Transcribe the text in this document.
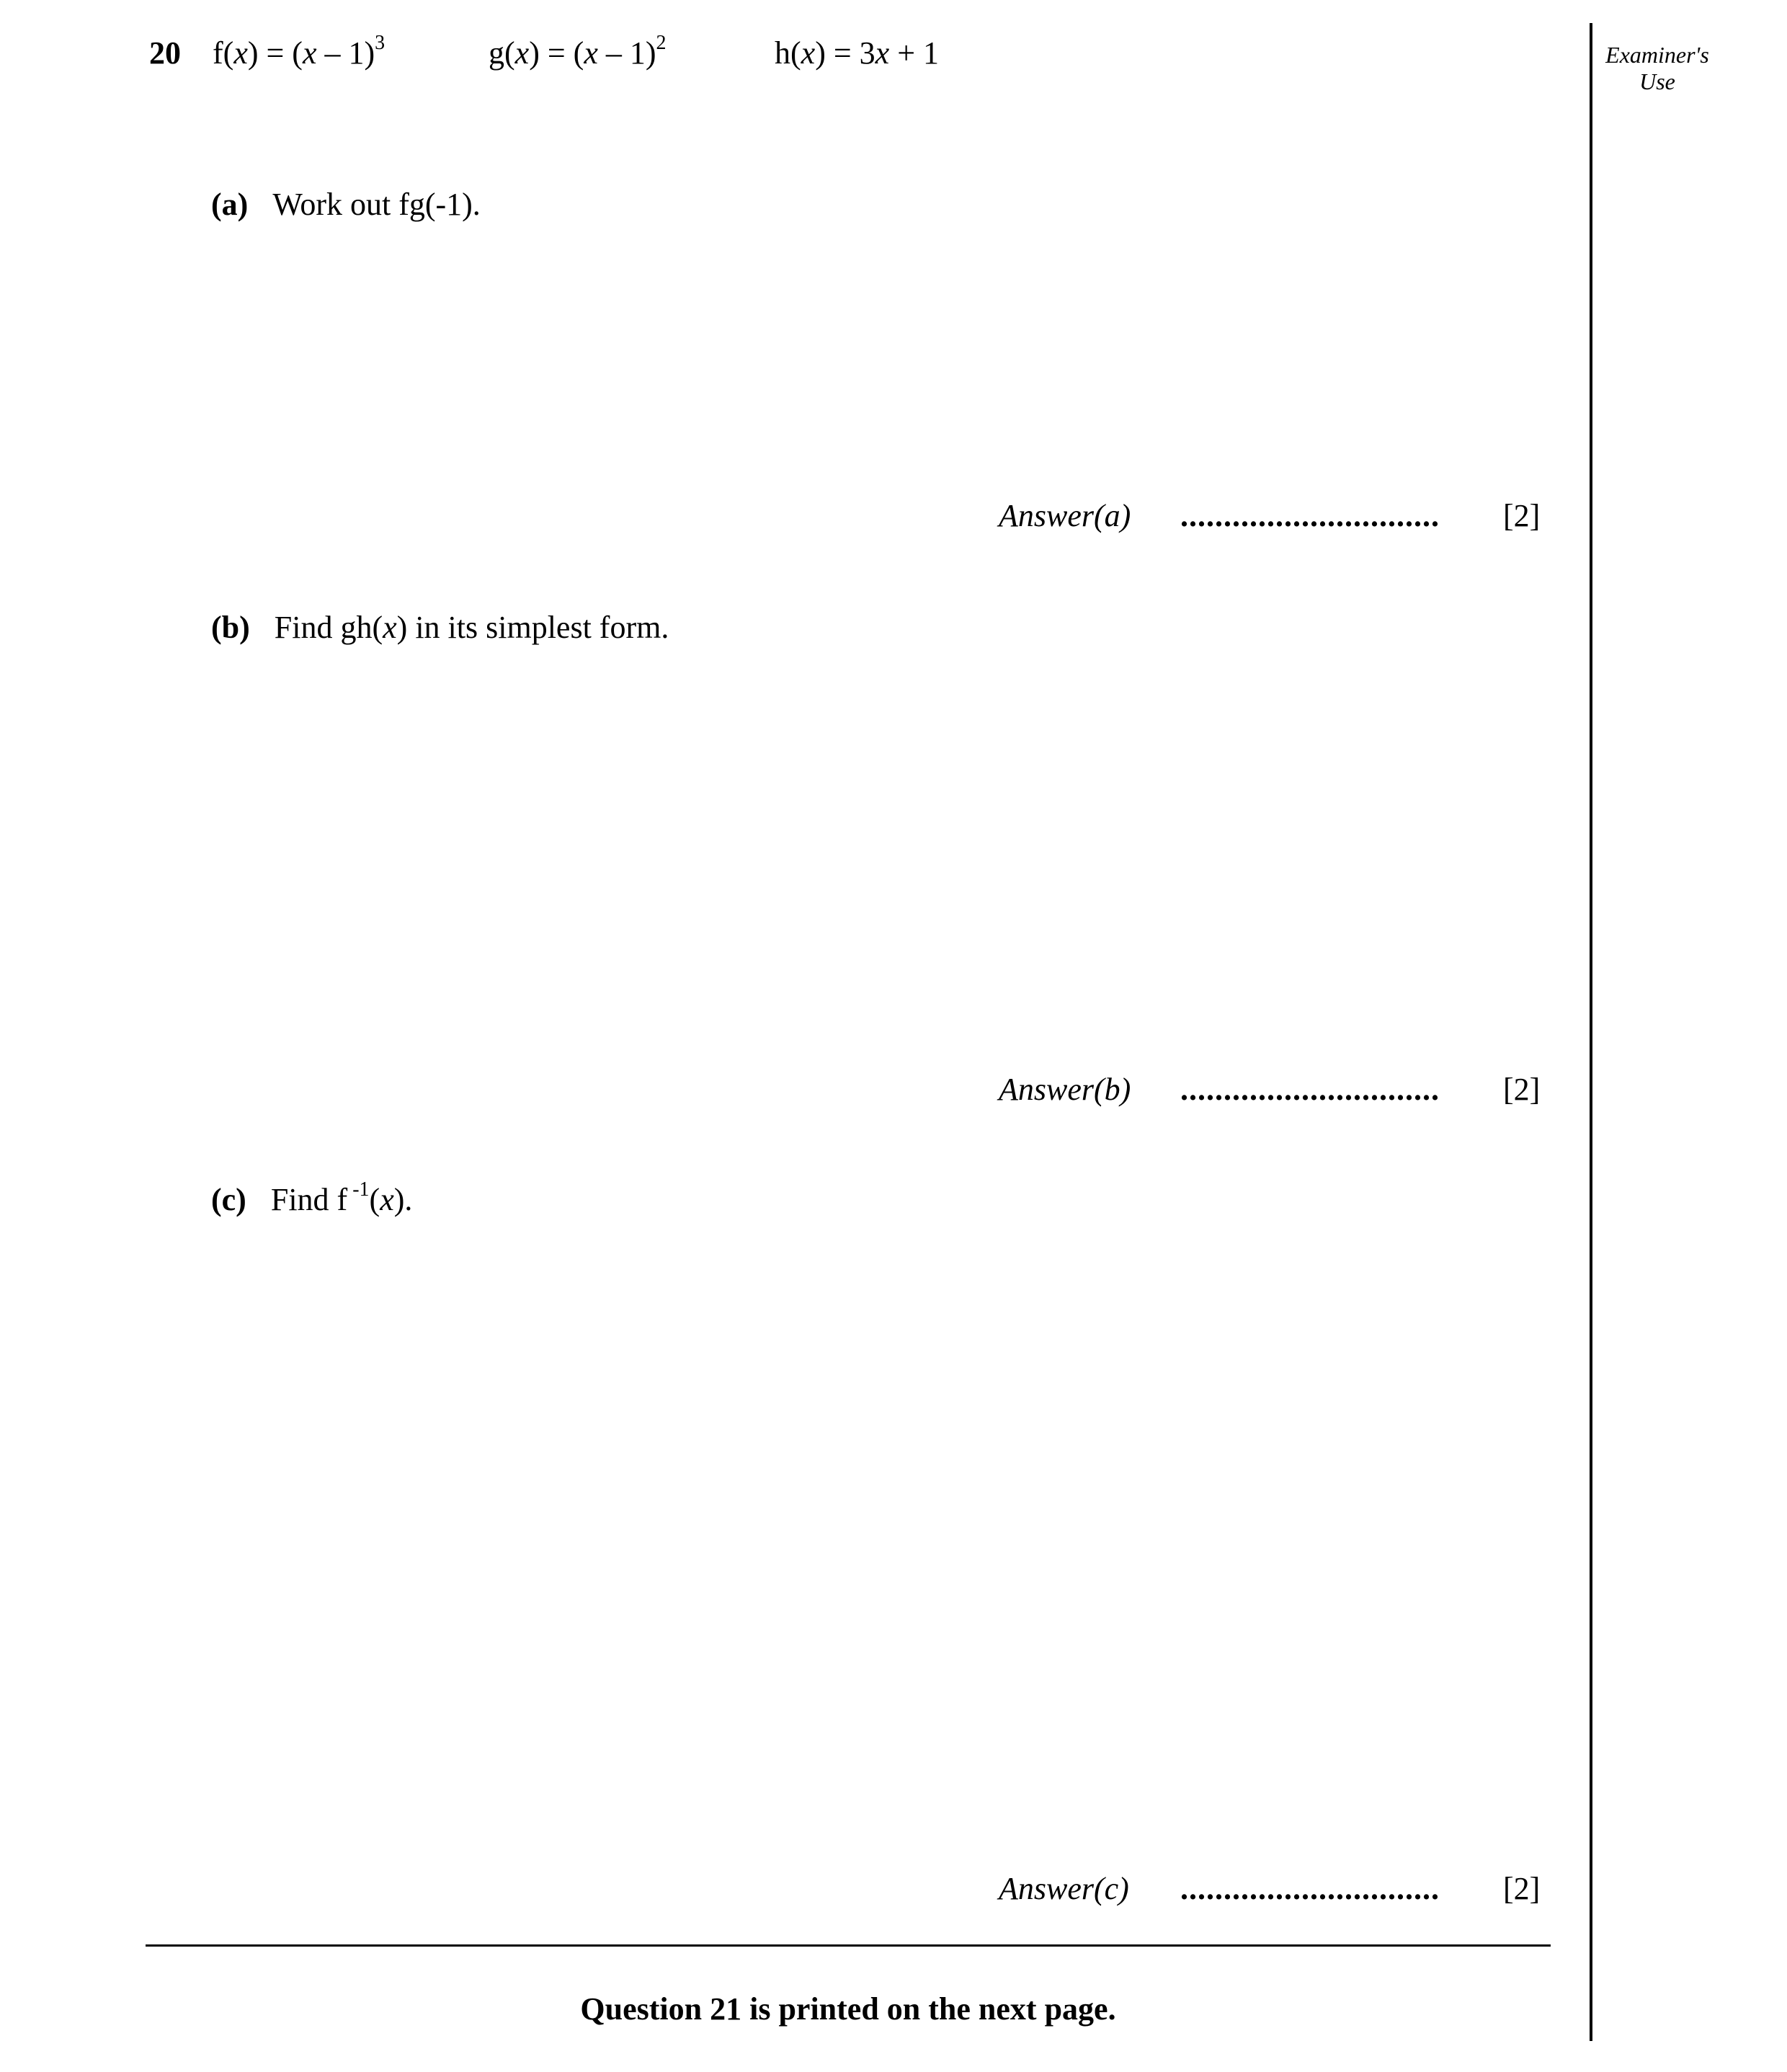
20 f(x) = (x – 1)$^3$	g(x) = (x – 1)$^2$	h(x) = 3x + 1	Examiner's
Use
(a) Work out fg(-1).
Answer(a) .............................. [2]
(b) Find gh(x) in its simplest form.
Answer(b) .............................. [2]
(c) Find f $^{-1}$(x).
Answer(c) .............................. [2]
Question 21 is printed on the next page.
